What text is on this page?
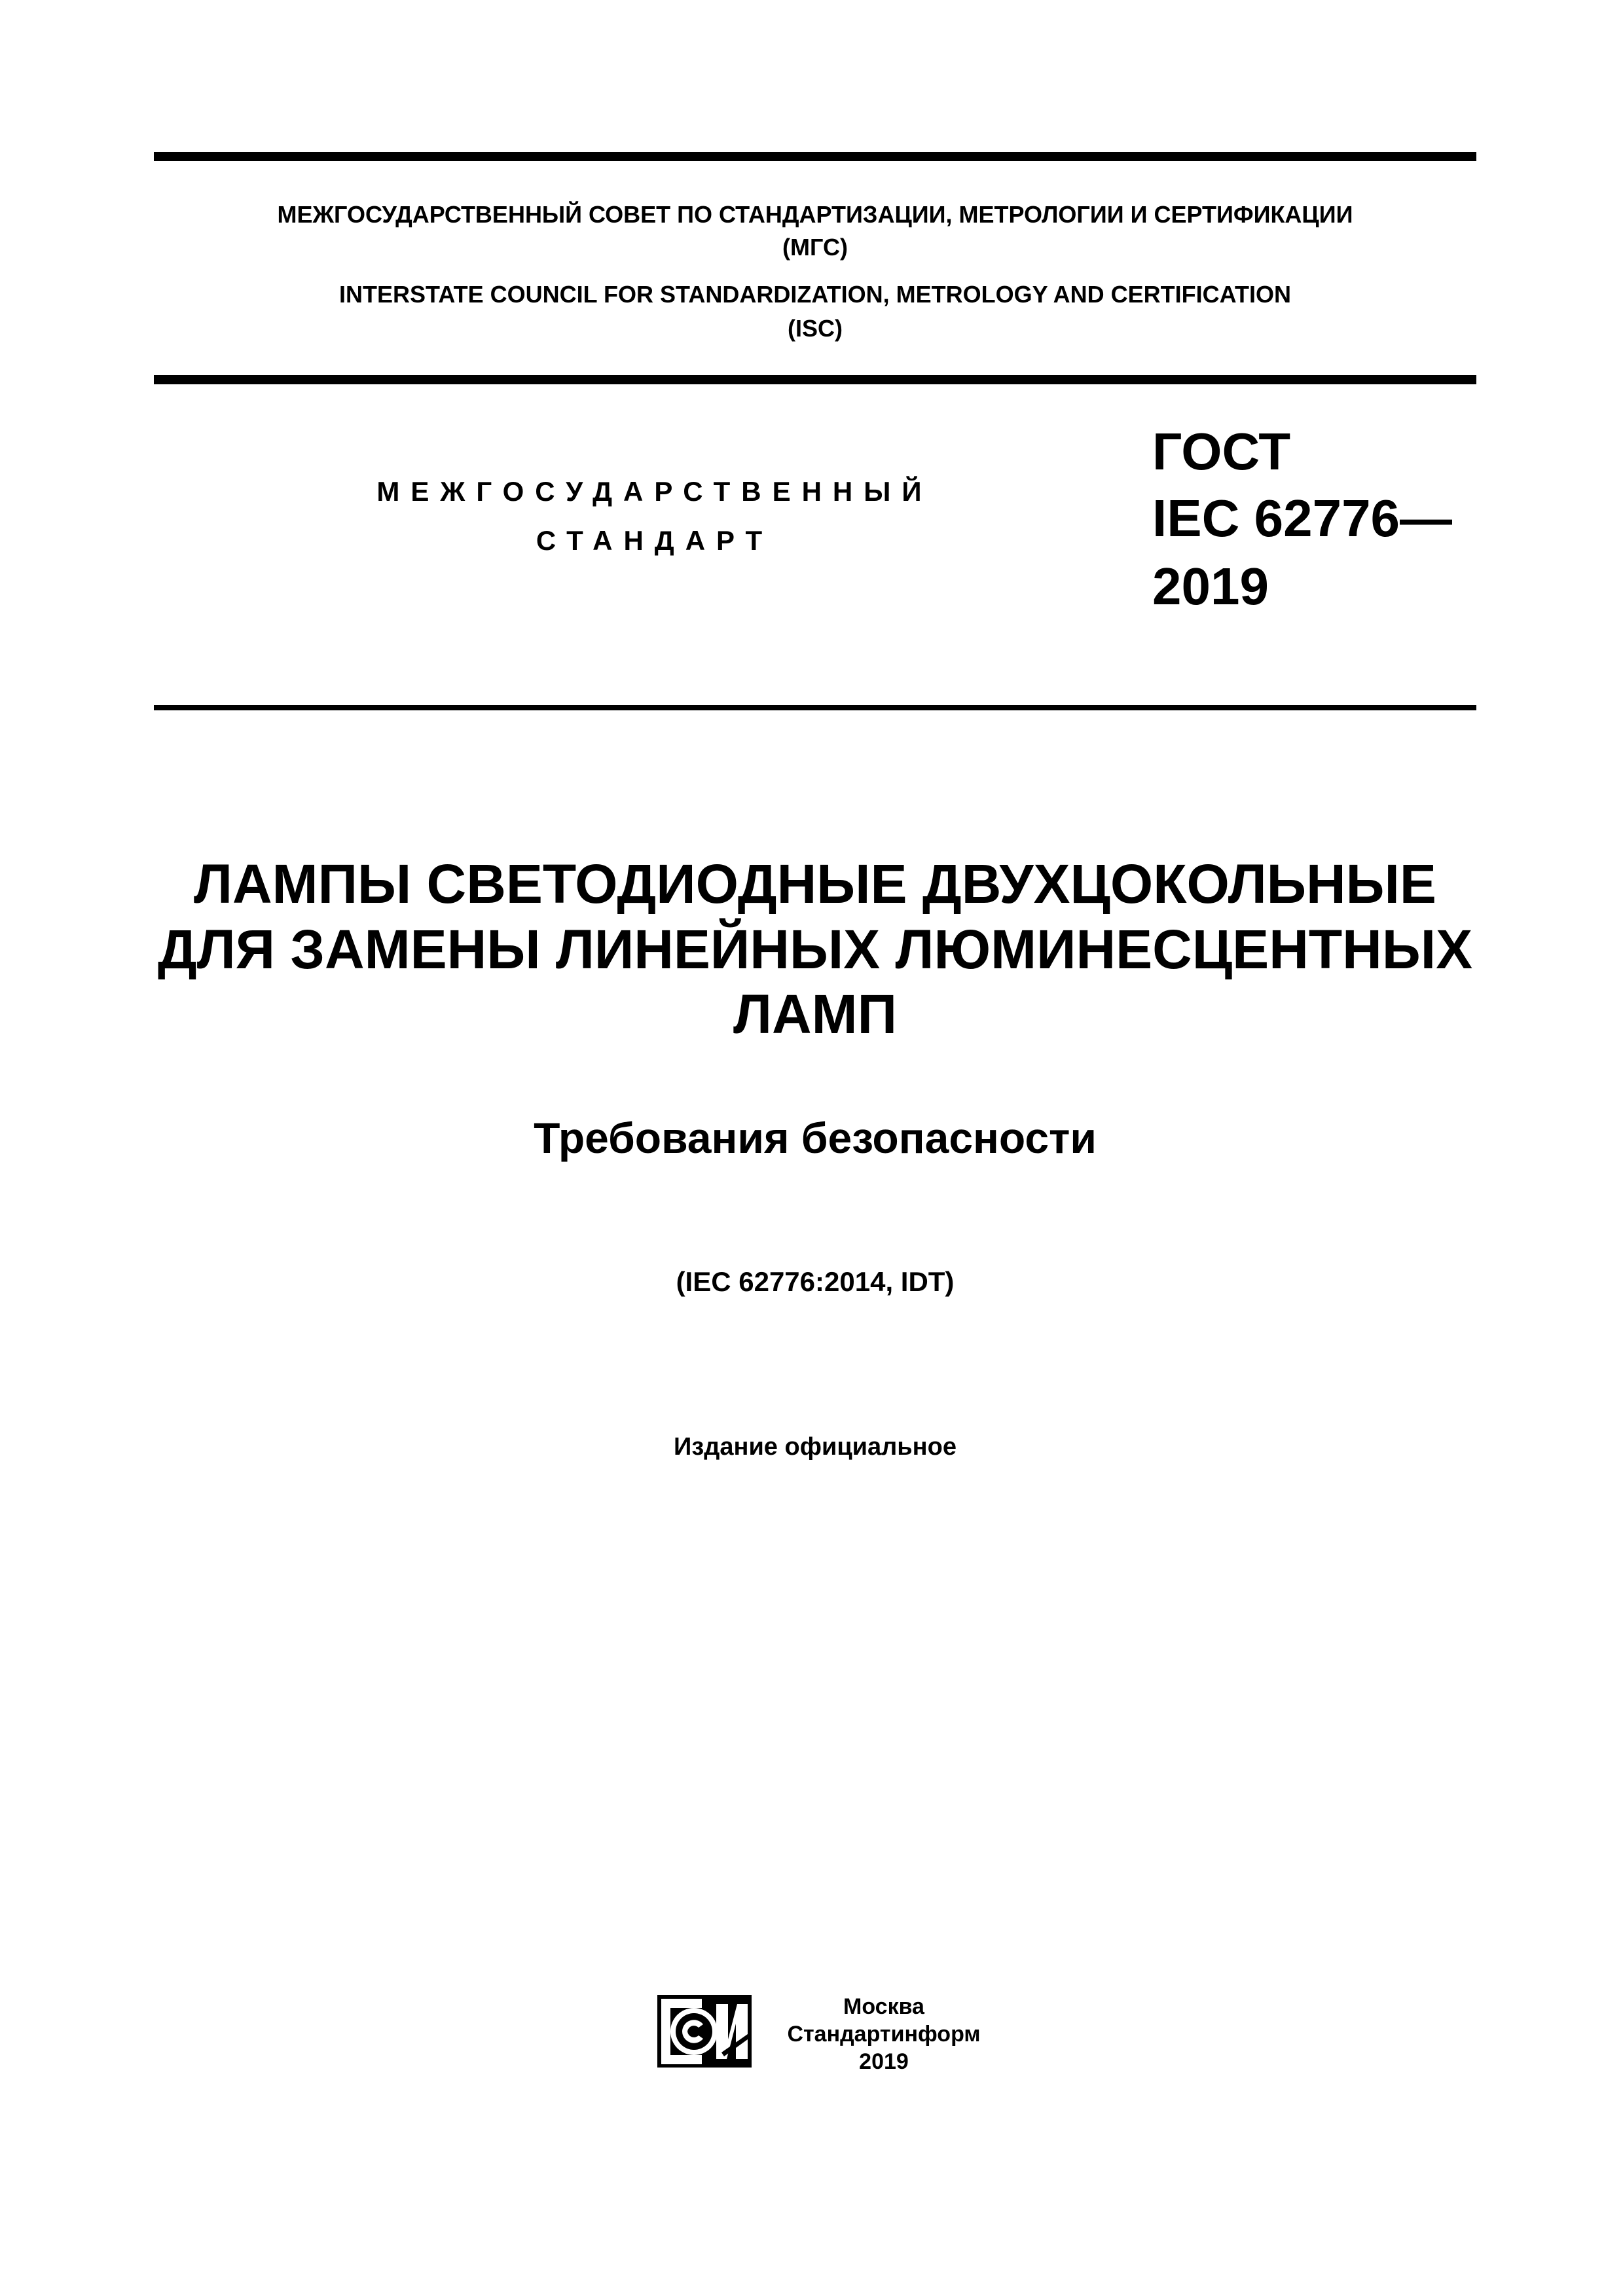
МЕЖГОСУДАРСТВЕННЫЙ СОВЕТ ПО СТАНДАРТИЗАЦИИ, МЕТРОЛОГИИ И СЕРТИФИКАЦИИ
(МГС)
INTERSTATE COUNCIL FOR STANDARDIZATION, METROLOGY AND CERTIFICATION
(ISC)
МЕЖГОСУДАРСТВЕННЫЙ
СТАНДАРТ
ГОСТ
IEC 62776—
2019
ЛАМПЫ СВЕТОДИОДНЫЕ ДВУХЦОКОЛЬНЫЕ
ДЛЯ ЗАМЕНЫ ЛИНЕЙНЫХ ЛЮМИНЕСЦЕНТНЫХ
ЛАМП
Требования безопасности
(IEC 62776:2014, IDT)
Издание официальное
Москва
Стандартинформ
2019
